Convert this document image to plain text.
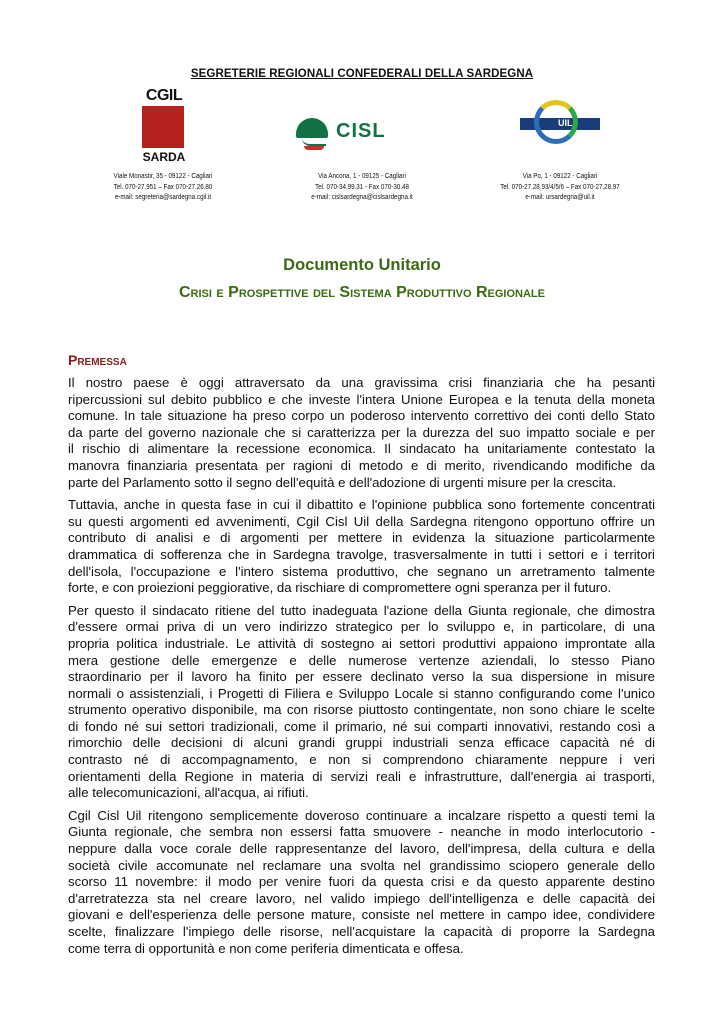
SEGRETERIE REGIONALI CONFEDERALI DELLA SARDEGNA
CGIL
SARDA
CISL	UIL
Viale Monastir, 35 - 09122 - Cagliari
Tel. 070-27.951 – Fax 070-27.26.80
e-mail: segreteria@sardegna.cgil.it
Via Ancona, 1 - 09125 - Cagliari
Tel. 070-34.99.31 - Fax 070-30.48
e-mail: cislsardegna@cislsardegna.it
Via Po, 1 - 09122 - Cagliari
Tel. 070-27.28.93/4/5/6 – Fax 070-27.28.97
e-mail: ursardegna@uil.it
Documento Unitario
Crisi e Prospettive del Sistema Produttivo Regionale
Premessa
Il nostro paese è oggi attraversato da una gravissima crisi finanziaria che ha pesanti
ripercussioni sul debito pubblico e che investe l'intera Unione Europea e la tenuta della moneta
comune. In tale situazione ha preso corpo un poderoso intervento correttivo dei conti dello Stato
da parte del governo nazionale che si caratterizza per la durezza del suo impatto sociale e per
il rischio di alimentare la recessione economica. Il sindacato ha unitariamente contestato la
manovra finanziaria presentata per ragioni di metodo e di merito, rivendicando modifiche da
parte del Parlamento sotto il segno dell'equità e dell'adozione di urgenti misure per la crescita.
Tuttavia, anche in questa fase in cui il dibattito e l'opinione pubblica sono fortemente concentrati
su questi argomenti ed avvenimenti, Cgil Cisl Uil della Sardegna ritengono opportuno offrire un
contributo di analisi e di argomenti per mettere in evidenza la situazione particolarmente
drammatica di sofferenza che in Sardegna travolge, trasversalmente in tutti i settori e i territori
dell'isola, l'occupazione e l'intero sistema produttivo, che segnano un arretramento talmente
forte, e con proiezioni peggiorative, da rischiare di compromettere ogni speranza per il futuro.
Per questo il sindacato ritiene del tutto inadeguata l'azione della Giunta regionale, che dimostra
d'essere ormai priva di un vero indirizzo strategico per lo sviluppo e, in particolare, di una
propria politica industriale. Le attività di sostegno ai settori produttivi appaiono improntate alla
mera gestione delle emergenze e delle numerose vertenze aziendali, lo stesso Piano
straordinario per il lavoro ha finito per essere declinato verso la sua dispersione in misure
normali o assistenziali, i Progetti di Filiera e Sviluppo Locale si stanno configurando come l'unico
strumento operativo disponibile, ma con risorse piuttosto contingentate, non sono chiare le scelte
di fondo né sui settori tradizionali, come il primario, né sui comparti innovativi, restando così a
rimorchio delle decisioni di alcuni grandi gruppi industriali senza efficace capacità né di
contrasto né di accompagnamento, e non si comprendono chiaramente neppure i veri
orientamenti della Regione in materia di servizi reali e infrastrutture, dall'energia ai trasporti,
alle telecomunicazioni, all'acqua, ai rifiuti.
Cgil Cisl Uil ritengono semplicemente doveroso continuare a incalzare rispetto a questi temi la
Giunta regionale, che sembra non essersi fatta smuovere - neanche in modo interlocutorio -
neppure dalla voce corale delle rappresentanze del lavoro, dell'impresa, della cultura e della
società civile accomunate nel reclamare una svolta nel grandissimo sciopero generale dello
scorso 11 novembre: il modo per venire fuori da questa crisi e da questo apparente destino
d'arretratezza sta nel creare lavoro, nel valido impiego dell'intelligenza e delle capacità dei
giovani e dell'esperienza delle persone mature, consiste nel mettere in campo idee, condividere
scelte, finalizzare l'impiego delle risorse, nell'acquistare la capacità di proporre la Sardegna
come terra di opportunità e non come periferia dimenticata e offesa.
